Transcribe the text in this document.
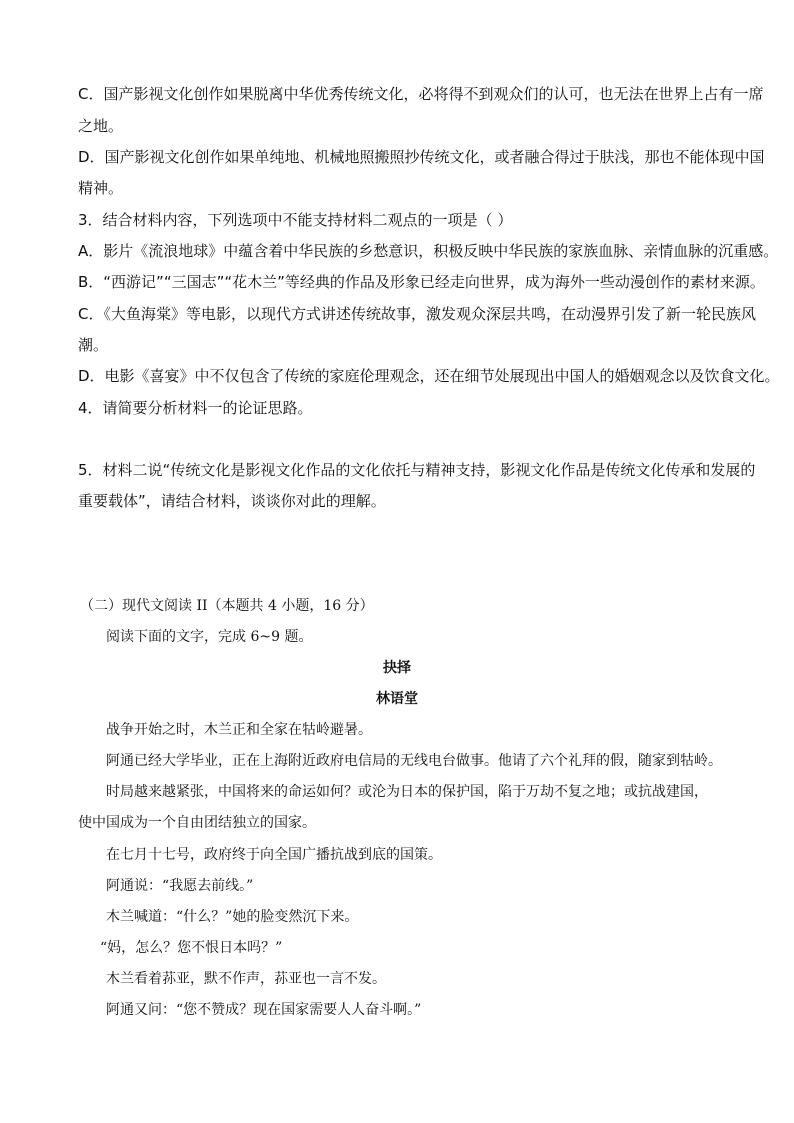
C．国产影视文化创作如果脱离中华优秀传统文化，必将得不到观众们的认可，也无法在世界上占有一席
之地。
D．国产影视文化创作如果单纯地、机械地照搬照抄传统文化，或者融合得过于肤浅，那也不能体现中国
精神。
3．结合材料内容，下列选项中不能支持材料二观点的一项是（ ）
A．影片《流浪地球》中蕴含着中华民族的乡愁意识，积极反映中华民族的家族血脉、亲情血脉的沉重感。
B．“西游记”“三国志”“花木兰”等经典的作品及形象已经走向世界，成为海外一些动漫创作的素材来源。
C．《大鱼海棠》等电影，以现代方式讲述传统故事，激发观众深层共鸣，在动漫界引发了新一轮民族风
潮。
D．电影《喜宴》中不仅包含了传统的家庭伦理观念，还在细节处展现出中国人的婚姻观念以及饮食文化。
4．请简要分析材料一的论证思路。
5．材料二说“传统文化是影视文化作品的文化依托与精神支持，影视文化作品是传统文化传承和发展的
重要载体”，请结合材料，谈谈你对此的理解。
（二）现代文阅读 II（本题共 4 小题，16 分）
阅读下面的文字，完成 6~9 题。
抉择
林语堂
战争开始之时，木兰正和全家在牯岭避暑。
阿通已经大学毕业，正在上海附近政府电信局的无线电台做事。他请了六个礼拜的假，随家到牯岭。
时局越来越紧张，中国将来的命运如何？或沦为日本的保护国，陷于万劫不复之地；或抗战建国，
使中国成为一个自由团结独立的国家。
在七月十七号，政府终于向全国广播抗战到底的国策。
阿通说：“我愿去前线。”
木兰喊道：“什么？”她的脸变然沉下来。
“妈，怎么？您不恨日本吗？”
木兰看着荪亚，默不作声，荪亚也一言不发。
阿通又问：“您不赞成？现在国家需要人人奋斗啊。”
